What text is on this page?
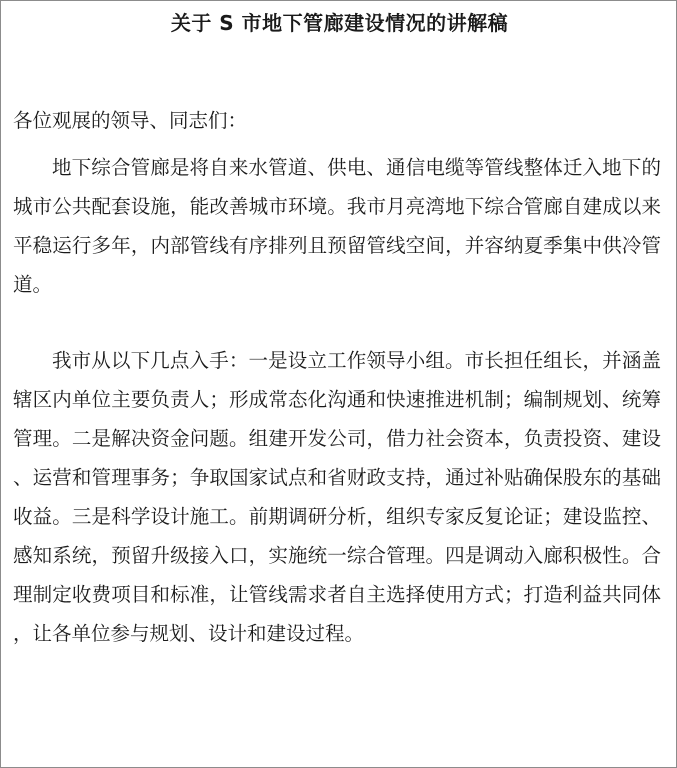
关于 S 市地下管廊建设情况的讲解稿
各位观展的领导、同志们：

地下综合管廊是将自来水管道、供电、通信电缆等管线整体迁入地下的城市公共配套设施，能改善城市环境。我市月亮湾地下综合管廊自建成以来平稳运行多年，内部管线有序排列且预留管线空间，并容纳夏季集中供冷管道。

我市从以下几点入手：一是设立工作领导小组。市长担任组长，并涵盖辖区内单位主要负责人；形成常态化沟通和快速推进机制；编制规划、统筹管理。二是解决资金问题。组建开发公司，借力社会资本，负责投资、建设、运营和管理事务；争取国家试点和省财政支持，通过补贴确保股东的基础收益。三是科学设计施工。前期调研分析，组织专家反复论证；建设监控、感知系统，预留升级接入口，实施统一综合管理。四是调动入廊积极性。合理制定收费项目和标准，让管线需求者自主选择使用方式；打造利益共同体，让各单位参与规划、设计和建设过程。
